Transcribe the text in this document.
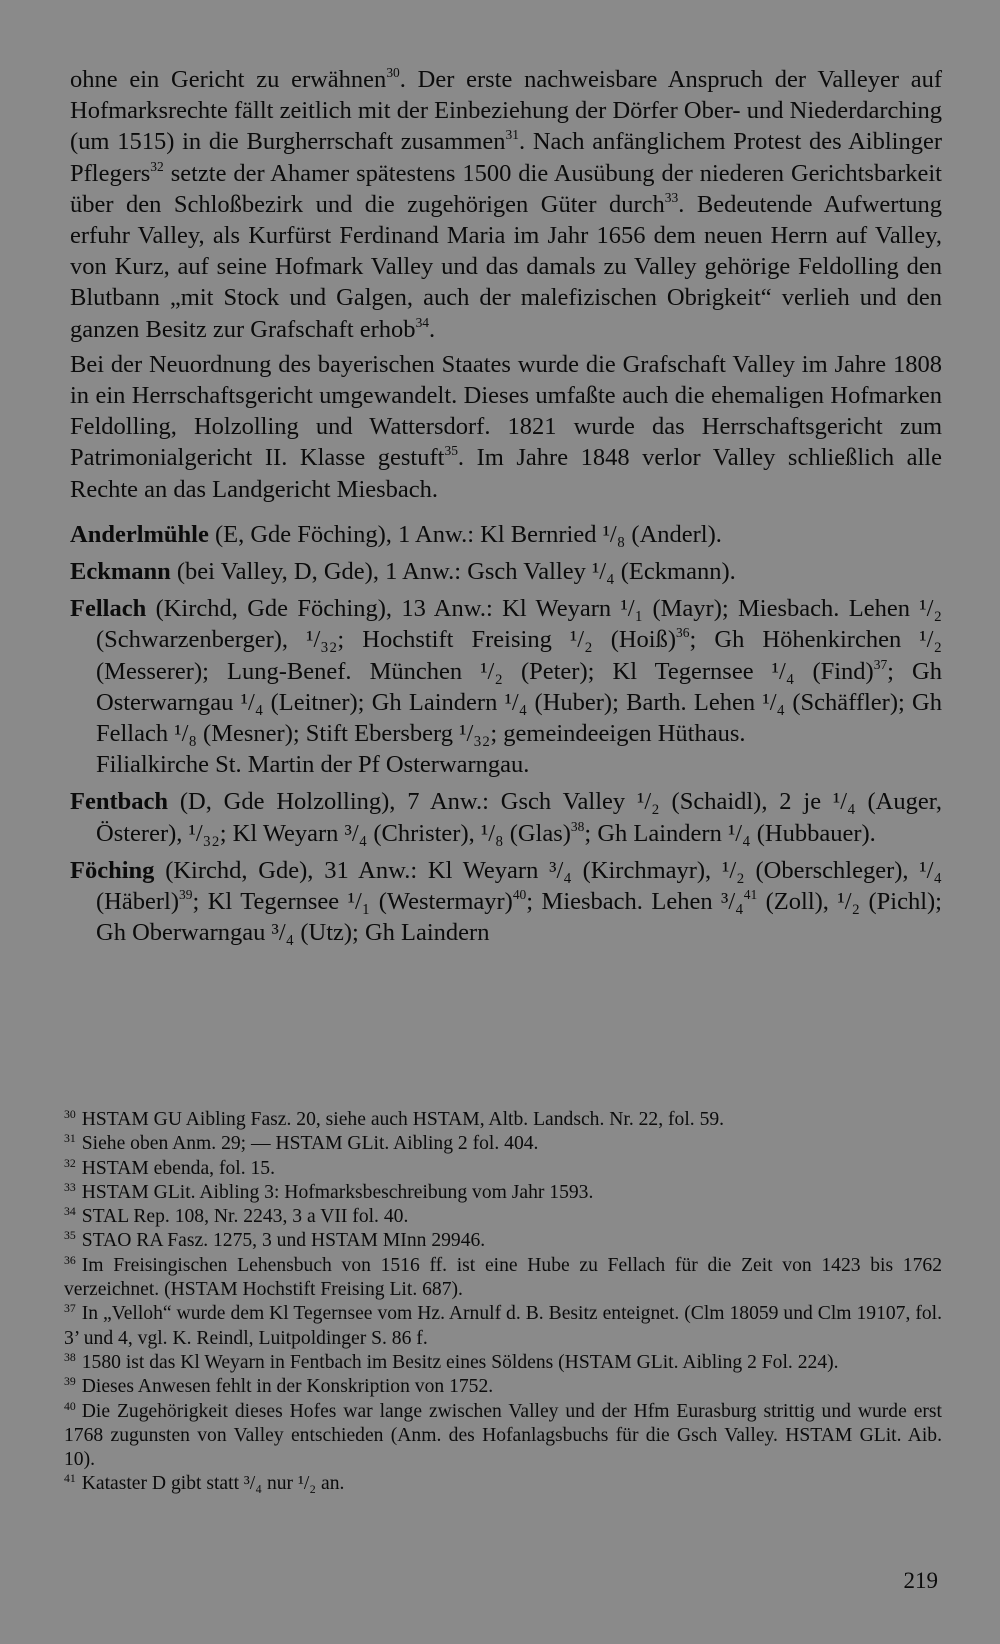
ohne ein Gericht zu erwähnen$^{30}$. Der erste nachweisbare Anspruch der Valleyer auf Hofmarksrechte fällt zeitlich mit der Einbeziehung der Dörfer Ober- und Niederdarching (um 1515) in die Burgherrschaft zusammen$^{31}$. Nach anfänglichem Protest des Aiblinger Pflegers$^{32}$ setzte der Ahamer spätestens 1500 die Ausübung der niederen Gerichtsbarkeit über den Schloßbezirk und die zugehörigen Güter durch$^{33}$. Bedeutende Aufwertung erfuhr Valley, als Kurfürst Ferdinand Maria im Jahr 1656 dem neuen Herrn auf Valley, von Kurz, auf seine Hofmark Valley und das damals zu Valley gehörige Feldolling den Blutbann „mit Stock und Galgen, auch der malefizischen Obrigkeit“ verlieh und den ganzen Besitz zur Grafschaft erhob$^{34}$.

Bei der Neuordnung des bayerischen Staates wurde die Grafschaft Valley im Jahre 1808 in ein Herrschaftsgericht umgewandelt. Dieses umfaßte auch die ehemaligen Hofmarken Feldolling, Holzolling und Wattersdorf. 1821 wurde das Herrschaftsgericht zum Patrimonialgericht II. Klasse gestuft$^{35}$. Im Jahre 1848 verlor Valley schließlich alle Rechte an das Landgericht Miesbach.

Anderlmühle (E, Gde Föching), 1 Anw.: Kl Bernried ¹/₈ (Anderl).

Eckmann (bei Valley, D, Gde), 1 Anw.: Gsch Valley ¹/₄ (Eckmann).

Fellach (Kirchd, Gde Föching), 13 Anw.: Kl Weyarn ¹/₁ (Mayr); Miesbach. Lehen ¹/₂ (Schwarzenberger), ¹/₃₂; Hochstift Freising ¹/₂ (Hoiß)$^{36}$; Gh Höhenkirchen ¹/₂ (Messerer); Lung-Benef. München ¹/₂ (Peter); Kl Tegernsee ¹/₄ (Find)$^{37}$; Gh Osterwarngau ¹/₄ (Leitner); Gh Laindern ¹/₄ (Huber); Barth. Lehen ¹/₄ (Schäffler); Gh Fellach ¹/₈ (Mesner); Stift Ebersberg ¹/₃₂; gemeindeeigen Hüthaus.
Filialkirche St. Martin der Pf Osterwarngau.

Fentbach (D, Gde Holzolling), 7 Anw.: Gsch Valley ¹/₂ (Schaidl), 2 je ¹/₄ (Auger, Österer), ¹/₃₂; Kl Weyarn ³/₄ (Christer), ¹/₈ (Glas)$^{38}$; Gh Laindern ¹/₄ (Hubbauer).

Föching (Kirchd, Gde), 31 Anw.: Kl Weyarn ³/₄ (Kirchmayr), ¹/₂ (Oberschleger), ¹/₄ (Häberl)$^{39}$; Kl Tegernsee ¹/₁ (Westermayr)$^{40}$; Miesbach. Lehen ³/₄$^{41}$ (Zoll), ¹/₂ (Pichl); Gh Oberwarngau ³/₄ (Utz); Gh Laindern

$^{30}$ HSTAM GU Aibling Fasz. 20, siehe auch HSTAM, Altb. Landsch. Nr. 22, fol. 59.

$^{31}$ Siehe oben Anm. 29; — HSTAM GLit. Aibling 2 fol. 404.

$^{32}$ HSTAM ebenda, fol. 15.

$^{33}$ HSTAM GLit. Aibling 3: Hofmarksbeschreibung vom Jahr 1593.

$^{34}$ STAL Rep. 108, Nr. 2243, 3 a VII fol. 40.

$^{35}$ STAO RA Fasz. 1275, 3 und HSTAM MInn 29946.

$^{36}$ Im Freisingischen Lehensbuch von 1516 ff. ist eine Hube zu Fellach für die Zeit von 1423 bis 1762 verzeichnet. (HSTAM Hochstift Freising Lit. 687).

$^{37}$ In „Velloh“ wurde dem Kl Tegernsee vom Hz. Arnulf d. B. Besitz enteignet. (Clm 18059 und Clm 19107, fol. 3’ und 4, vgl. K. Reindl, Luitpoldinger S. 86 f.

$^{38}$ 1580 ist das Kl Weyarn in Fentbach im Besitz eines Söldens (HSTAM GLit. Aibling 2 Fol. 224).

$^{39}$ Dieses Anwesen fehlt in der Konskription von 1752.

$^{40}$ Die Zugehörigkeit dieses Hofes war lange zwischen Valley und der Hfm Eurasburg strittig und wurde erst 1768 zugunsten von Valley entschieden (Anm. des Hofanlagsbuchs für die Gsch Valley. HSTAM GLit. Aib. 10).

$^{41}$ Kataster D gibt statt ³/₄ nur ¹/₂ an.

219
